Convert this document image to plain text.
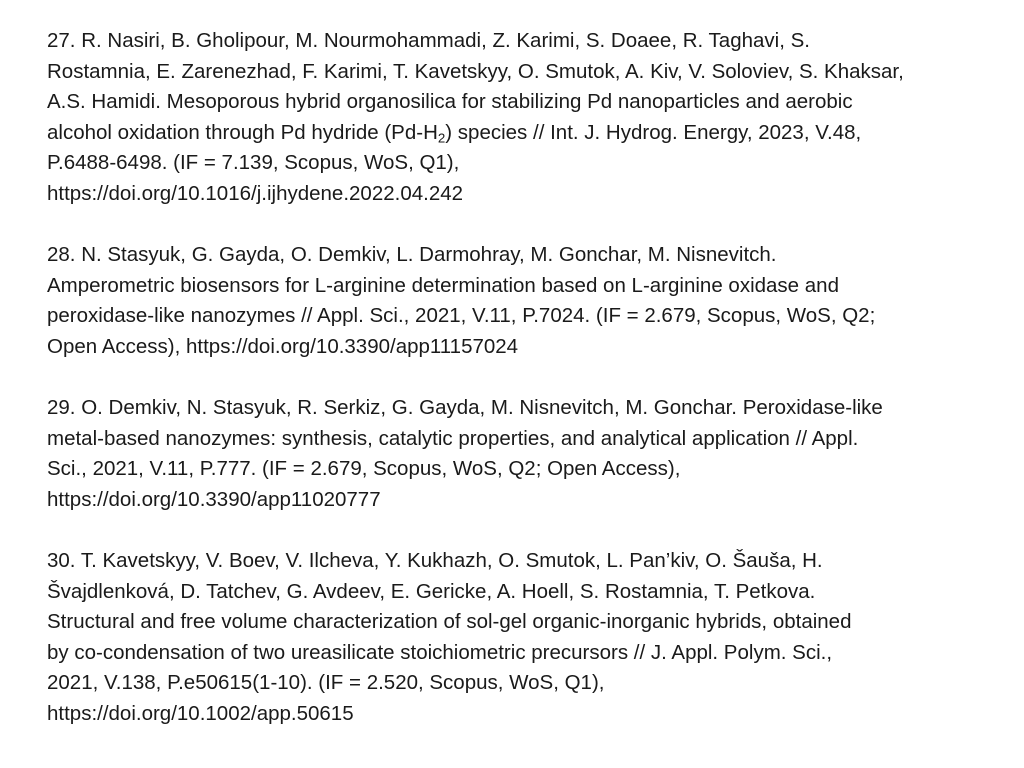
27. R. Nasiri, B. Gholipour, M. Nourmohammadi, Z. Karimi, S. Doaee, R. Taghavi, S.
Rostamnia, E. Zarenezhad, F. Karimi, T. Kavetskyy, O. Smutok, A. Kiv, V. Soloviev, S. Khaksar,
A.S. Hamidi. Mesoporous hybrid organosilica for stabilizing Pd nanoparticles and aerobic
alcohol oxidation through Pd hydride $(Pd-H_2)$ species // Int. J. Hydrog. Energy, 2023, V.48,
P.6488-6498. (IF = 7.139, Scopus, WoS, Q1),
https://doi.org/10.1016/j.ijhydene.2022.04.242
28. N. Stasyuk, G. Gayda, O. Demkiv, L. Darmohray, M. Gonchar, M. Nisnevitch.
Amperometric biosensors for L-arginine determination based on L-arginine oxidase and
peroxidase-like nanozymes // Appl. Sci., 2021, V.11, P.7024. (IF = 2.679, Scopus, WoS, Q2;
Open Access), https://doi.org/10.3390/app11157024
29. O. Demkiv, N. Stasyuk, R. Serkiz, G. Gayda, M. Nisnevitch, M. Gonchar. Peroxidase-like
metal-based nanozymes: synthesis, catalytic properties, and analytical application // Appl.
Sci., 2021, V.11, P.777. (IF = 2.679, Scopus, WoS, Q2; Open Access),
https://doi.org/10.3390/app11020777
30. T. Kavetskyy, V. Boev, V. Ilcheva, Y. Kukhazh, O. Smutok, L. Pan’kiv, O. Šauša, H.
Švajdlenková, D. Tatchev, G. Avdeev, E. Gericke, A. Hoell, S. Rostamnia, T. Petkova.
Structural and free volume characterization of sol-gel organic-inorganic hybrids, obtained
by co-condensation of two ureasilicate stoichiometric precursors // J. Appl. Polym. Sci.,
2021, V.138, P.e50615(1-10). (IF = 2.520, Scopus, WoS, Q1),
https://doi.org/10.1002/app.50615
